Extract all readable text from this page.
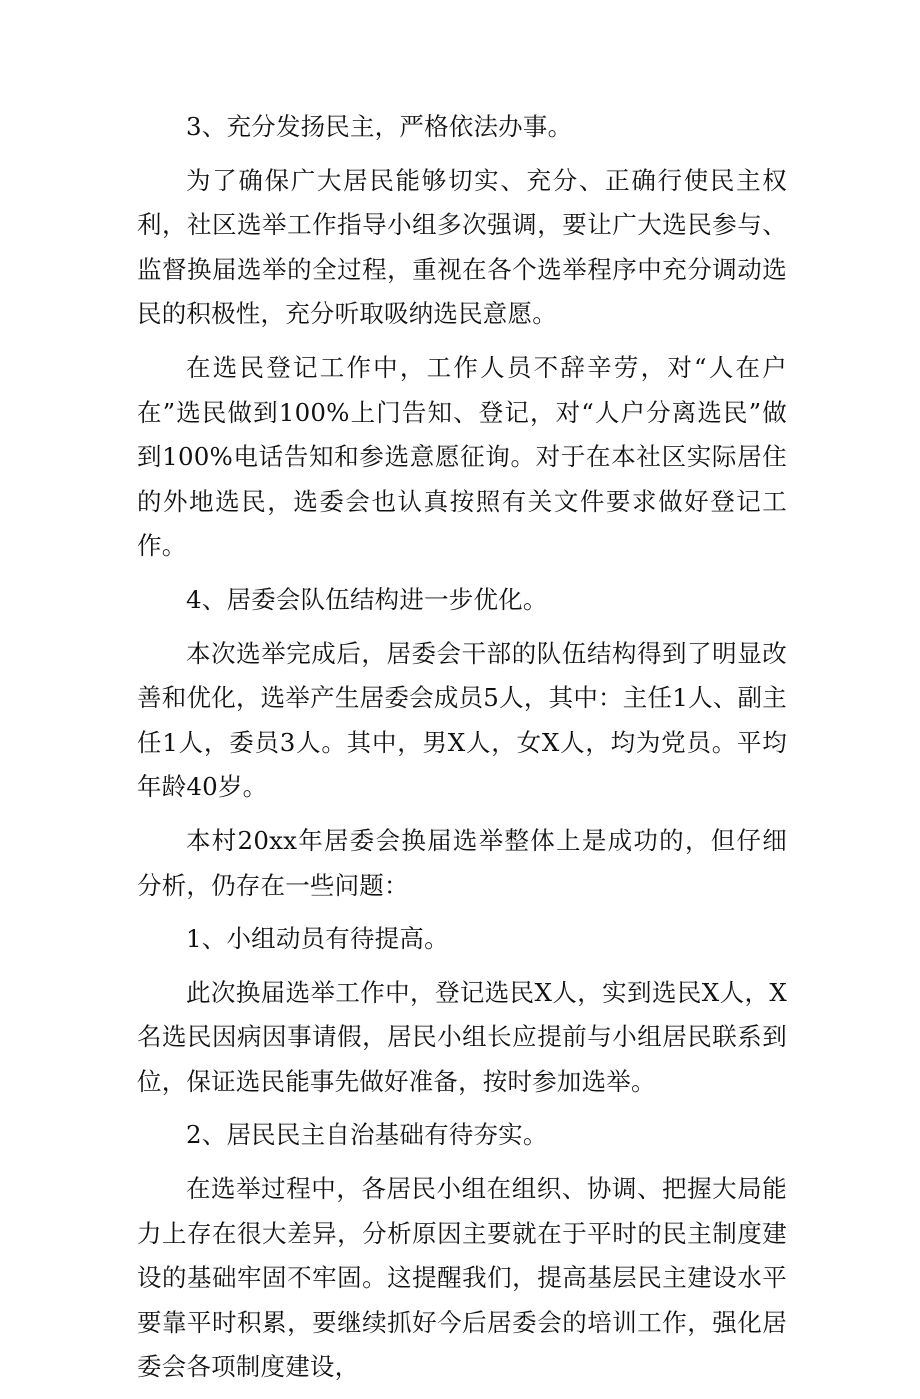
3、充分发扬民主，严格依法办事。

为了确保广大居民能够切实、充分、正确行使民主权利，社区选举工作指导小组多次强调，要让广大选民参与、监督换届选举的全过程，重视在各个选举程序中充分调动选民的积极性，充分听取吸纳选民意愿。

在选民登记工作中，工作人员不辞辛劳，对“人在户在”选民做到100%上门告知、登记，对“人户分离选民”做到100%电话告知和参选意愿征询。对于在本社区实际居住的外地选民，选委会也认真按照有关文件要求做好登记工作。

4、居委会队伍结构进一步优化。

本次选举完成后，居委会干部的队伍结构得到了明显改善和优化，选举产生居委会成员5人，其中：主任1人、副主任1人，委员3人。其中，男X人，女X人，均为党员。平均年龄40岁。

本村20xx年居委会换届选举整体上是成功的，但仔细分析，仍存在一些问题：

1、小组动员有待提高。

此次换届选举工作中，登记选民X人，实到选民X人，X名选民因病因事请假，居民小组长应提前与小组居民联系到位，保证选民能事先做好准备，按时参加选举。

2、居民民主自治基础有待夯实。

在选举过程中，各居民小组在组织、协调、把握大局能力上存在很大差异，分析原因主要就在于平时的民主制度建设的基础牢固不牢固。这提醒我们，提高基层民主建设水平要靠平时积累，要继续抓好今后居委会的培训工作，强化居委会各项制度建设，
